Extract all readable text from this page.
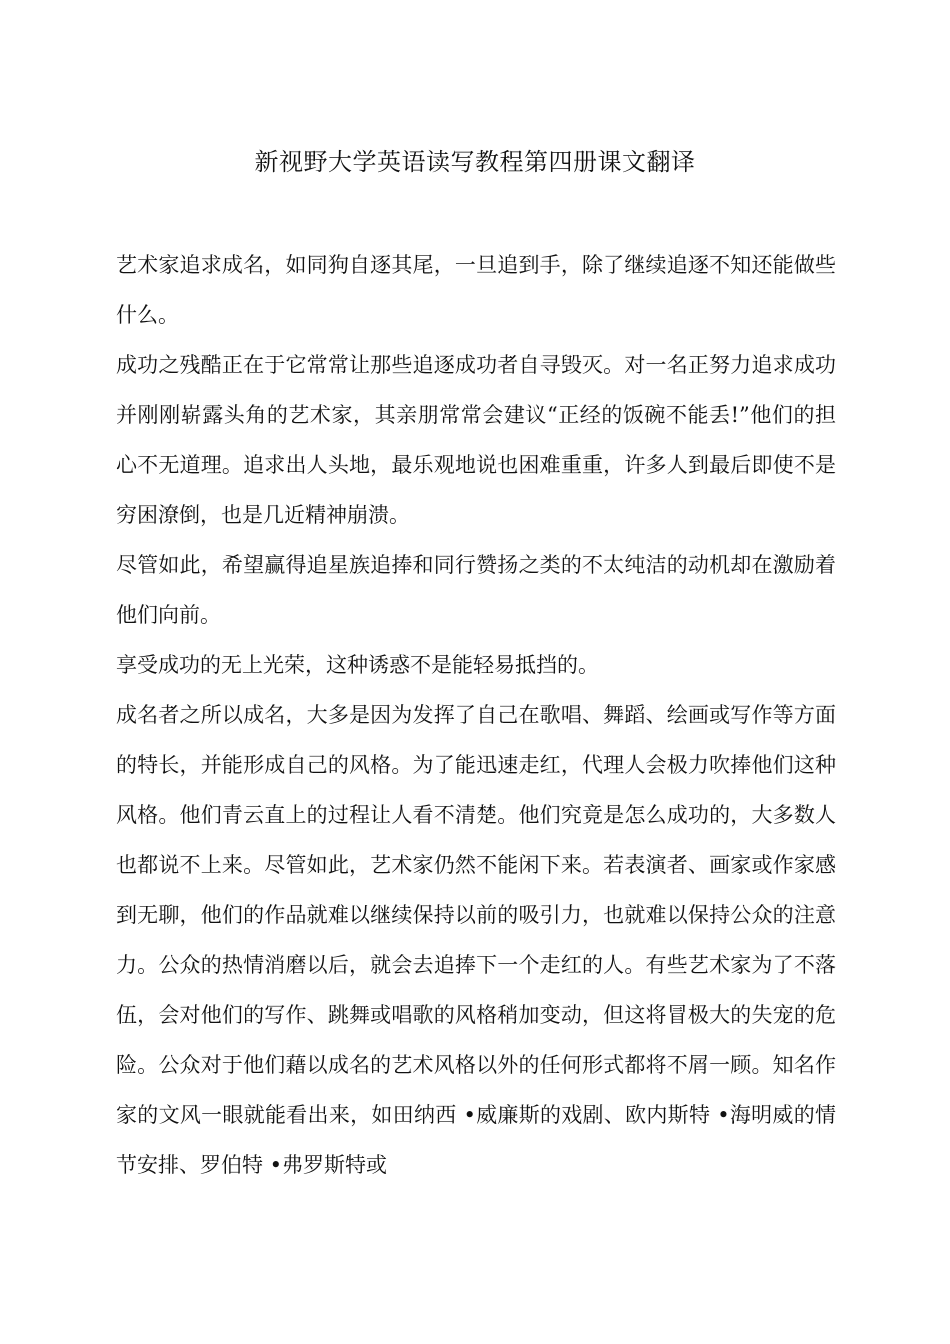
新视野大学英语读写教程第四册课文翻译

艺术家追求成名，如同狗自逐其尾，一旦追到手，除了继续追逐不知还能做些什么。

成功之残酷正在于它常常让那些追逐成功者自寻毁灭。对一名正努力追求成功并刚刚崭露头角的艺术家，其亲朋常常会建议“正经的饭碗不能丢!”他们的担心不无道理。追求出人头地，最乐观地说也困难重重，许多人到最后即使不是穷困潦倒，也是几近精神崩溃。

尽管如此，希望赢得追星族追捧和同行赞扬之类的不太纯洁的动机却在激励着他们向前。

享受成功的无上光荣，这种诱惑不是能轻易抵挡的。

成名者之所以成名，大多是因为发挥了自己在歌唱、舞蹈、绘画或写作等方面的特长，并能形成自己的风格。为了能迅速走红，代理人会极力吹捧他们这种风格。他们青云直上的过程让人看不清楚。他们究竟是怎么成功的，大多数人也都说不上来。尽管如此，艺术家仍然不能闲下来。若表演者、画家或作家感到无聊，他们的作品就难以继续保持以前的吸引力，也就难以保持公众的注意力。公众的热情消磨以后，就会去追捧下一个走红的人。有些艺术家为了不落伍，会对他们的写作、跳舞或唱歌的风格稍加变动，但这将冒极大的失宠的危险。公众对于他们藉以成名的艺术风格以外的任何形式都将不屑一顾。知名作家的文风一眼就能看出来，如田纳西 •威廉斯的戏剧、欧内斯特 •海明威的情节安排、罗伯特 •弗罗斯特或
